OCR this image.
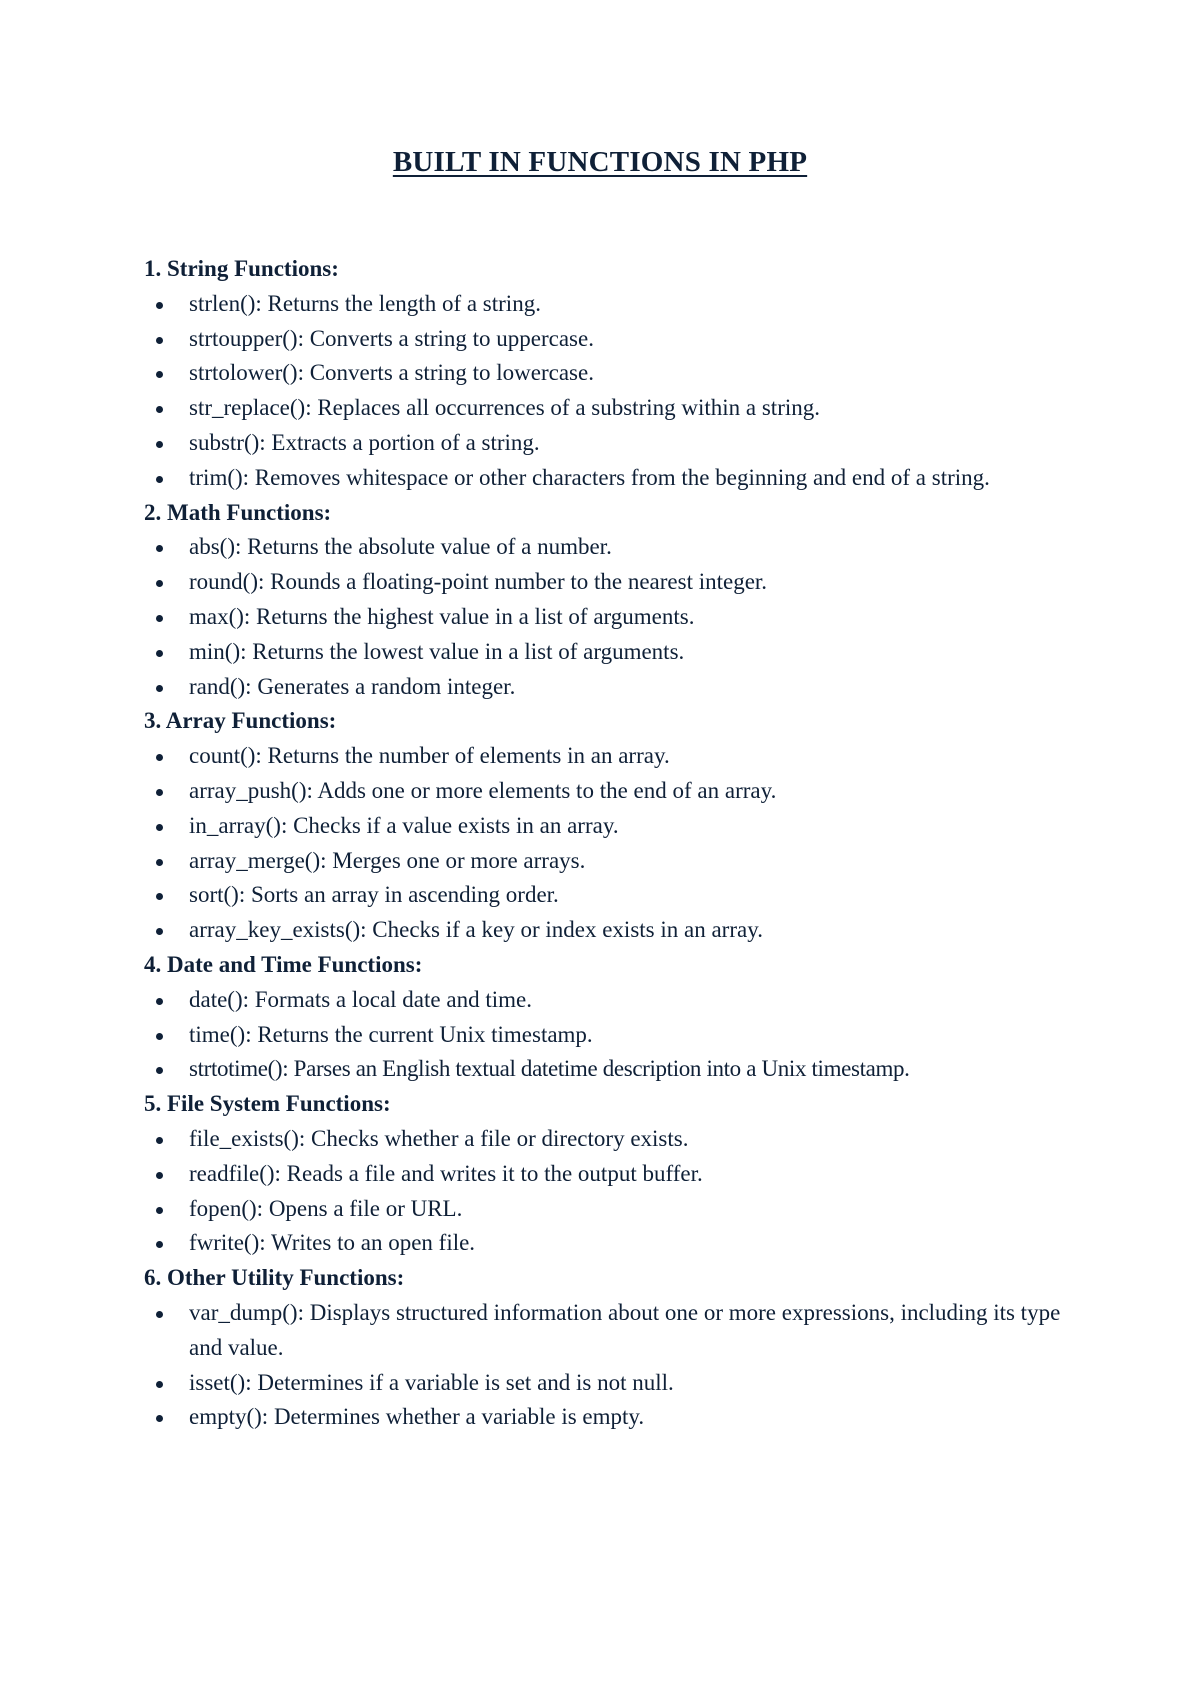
BUILT IN FUNCTIONS IN PHP
1. String Functions:
strlen(): Returns the length of a string.
strtoupper(): Converts a string to uppercase.
strtolower(): Converts a string to lowercase.
str_replace(): Replaces all occurrences of a substring within a string.
substr(): Extracts a portion of a string.
trim(): Removes whitespace or other characters from the beginning and end of a string.
2. Math Functions:
abs(): Returns the absolute value of a number.
round(): Rounds a floating-point number to the nearest integer.
max(): Returns the highest value in a list of arguments.
min(): Returns the lowest value in a list of arguments.
rand(): Generates a random integer.
3. Array Functions:
count(): Returns the number of elements in an array.
array_push(): Adds one or more elements to the end of an array.
in_array(): Checks if a value exists in an array.
array_merge(): Merges one or more arrays.
sort(): Sorts an array in ascending order.
array_key_exists(): Checks if a key or index exists in an array.
4. Date and Time Functions:
date(): Formats a local date and time.
time(): Returns the current Unix timestamp.
strtotime(): Parses an English textual datetime description into a Unix timestamp.
5. File System Functions:
file_exists(): Checks whether a file or directory exists.
readfile(): Reads a file and writes it to the output buffer.
fopen(): Opens a file or URL.
fwrite(): Writes to an open file.
6. Other Utility Functions:
var_dump(): Displays structured information about one or more expressions, including its type and value.
isset(): Determines if a variable is set and is not null.
empty(): Determines whether a variable is empty.
